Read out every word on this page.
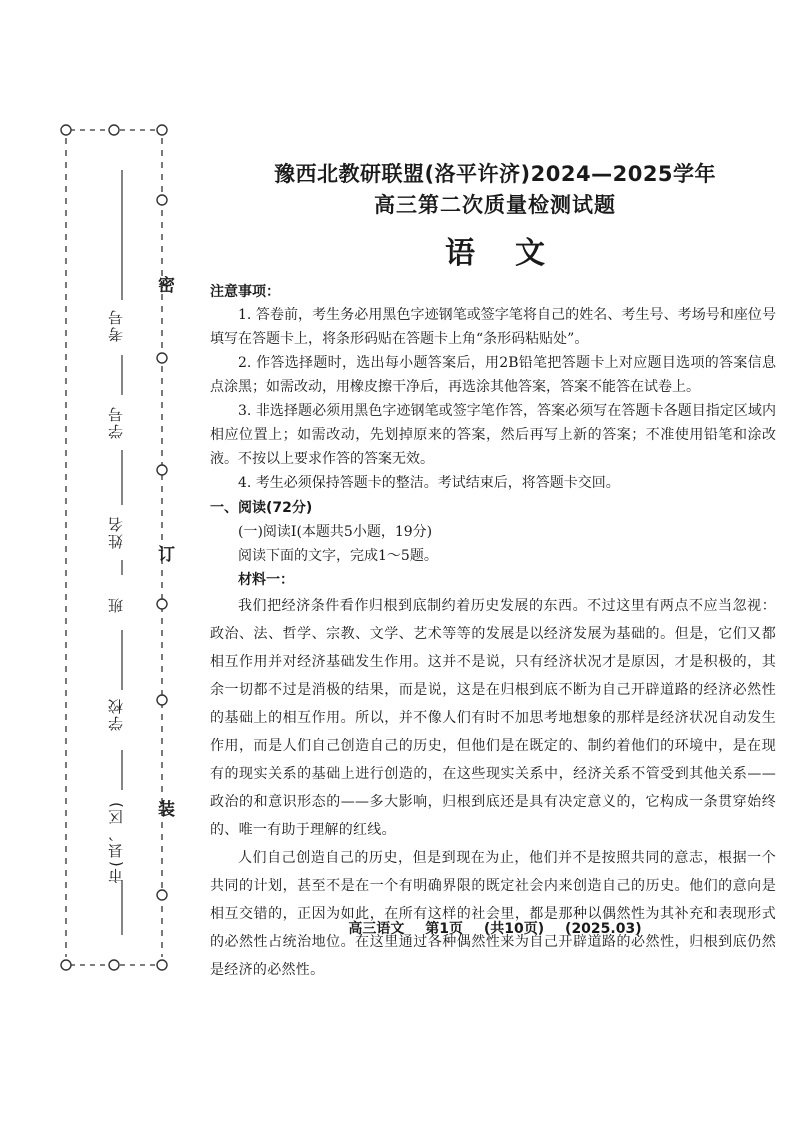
考号
学号
姓名
班
学校
市(县、区)
密
订
装
豫西北教研联盟(洛平许济)2024—2025学年
高三第二次质量检测试题
语文
注意事项：

1. 答卷前，考生务必用黑色字迹钢笔或签字笔将自己的姓名、考生号、考场号和座位号填写在答题卡上，将条形码贴在答题卡上角“条形码粘贴处”。

2. 作答选择题时，选出每小题答案后，用2B铅笔把答题卡上对应题目选项的答案信息点涂黑；如需改动，用橡皮擦干净后，再选涂其他答案，答案不能答在试卷上。

3. 非选择题必须用黑色字迹钢笔或签字笔作答，答案必须写在答题卡各题目指定区域内相应位置上；如需改动，先划掉原来的答案，然后再写上新的答案；不准使用铅笔和涂改液。不按以上要求作答的答案无效。

4. 考生必须保持答题卡的整洁。考试结束后，将答题卡交回。

一、阅读(72分)
(一)阅读Ⅰ(本题共5小题，19分)
阅读下面的文字，完成1～5题。
材料一：

我们把经济条件看作归根到底制约着历史发展的东西。不过这里有两点不应当忽视：政治、法、哲学、宗教、文学、艺术等等的发展是以经济发展为基础的。但是，它们又都相互作用并对经济基础发生作用。这并不是说，只有经济状况才是原因，才是积极的，其余一切都不过是消极的结果，而是说，这是在归根到底不断为自己开辟道路的经济必然性的基础上的相互作用。所以，并不像人们有时不加思考地想象的那样是经济状况自动发生作用，而是人们自己创造自己的历史，但他们是在既定的、制约着他们的环境中，是在现有的现实关系的基础上进行创造的，在这些现实关系中，经济关系不管受到其他关系——政治的和意识形态的——多大影响，归根到底还是具有决定意义的，它构成一条贯穿始终的、唯一有助于理解的红线。

人们自己创造自己的历史，但是到现在为止，他们并不是按照共同的意志，根据一个共同的计划，甚至不是在一个有明确界限的既定社会内来创造自己的历史。他们的意向是相互交错的，正因为如此，在所有这样的社会里，都是那种以偶然性为其补充和表现形式的必然性占统治地位。在这里通过各种偶然性来为自己开辟道路的必然性，归根到底仍然是经济的必然性。

高三语文 第1页 (共10页) (2025.03)
